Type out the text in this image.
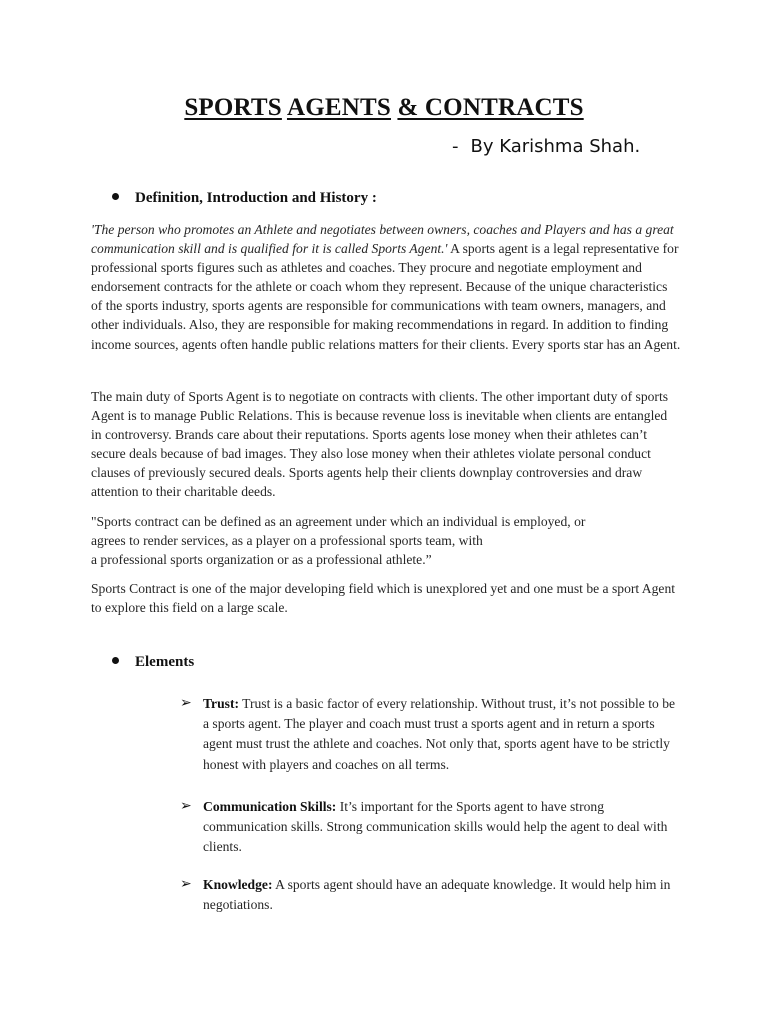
SPORTS AGENTS & CONTRACTS
- By Karishma Shah.
Definition, Introduction and History :

'The person who promotes an Athlete and negotiates between owners, coaches and Players and has a great communication skill and is qualified for it is called Sports Agent.' A sports agent is a legal representative for professional sports figures such as athletes and coaches. They procure and negotiate employment and endorsement contracts for the athlete or coach whom they represent. Because of the unique characteristics of the sports industry, sports agents are responsible for communications with team owners, managers, and other individuals. Also, they are responsible for making recommendations in regard. In addition to finding income sources, agents often handle public relations matters for their clients. Every sports star has an Agent.

The main duty of Sports Agent is to negotiate on contracts with clients. The other important duty of sports Agent is to manage Public Relations. This is because revenue loss is inevitable when clients are entangled in controversy. Brands care about their reputations. Sports agents lose money when their athletes can’t secure deals because of bad images. They also lose money when their athletes violate personal conduct clauses of previously secured deals. Sports agents help their clients downplay controversies and draw attention to their charitable deeds.

"Sports contract can be defined as an agreement under which an individual is employed, or
agrees to render services, as a player on a professional sports team, with
a professional sports organization or as a professional athlete.”

Sports Contract is one of the major developing field which is unexplored yet and one must be a sport Agent to explore this field on a large scale.

Elements
➢ Trust: Trust is a basic factor of every relationship. Without trust, it’s not possible to be a sports agent. The player and coach must trust a sports agent and in return a sports agent must trust the athlete and coaches. Not only that, sports agent have to be strictly honest with players and coaches on all terms.
➢ Communication Skills: It’s important for the Sports agent to have strong communication skills. Strong communication skills would help the agent to deal with clients.
➢ Knowledge: A sports agent should have an adequate knowledge. It would help him in negotiations.
